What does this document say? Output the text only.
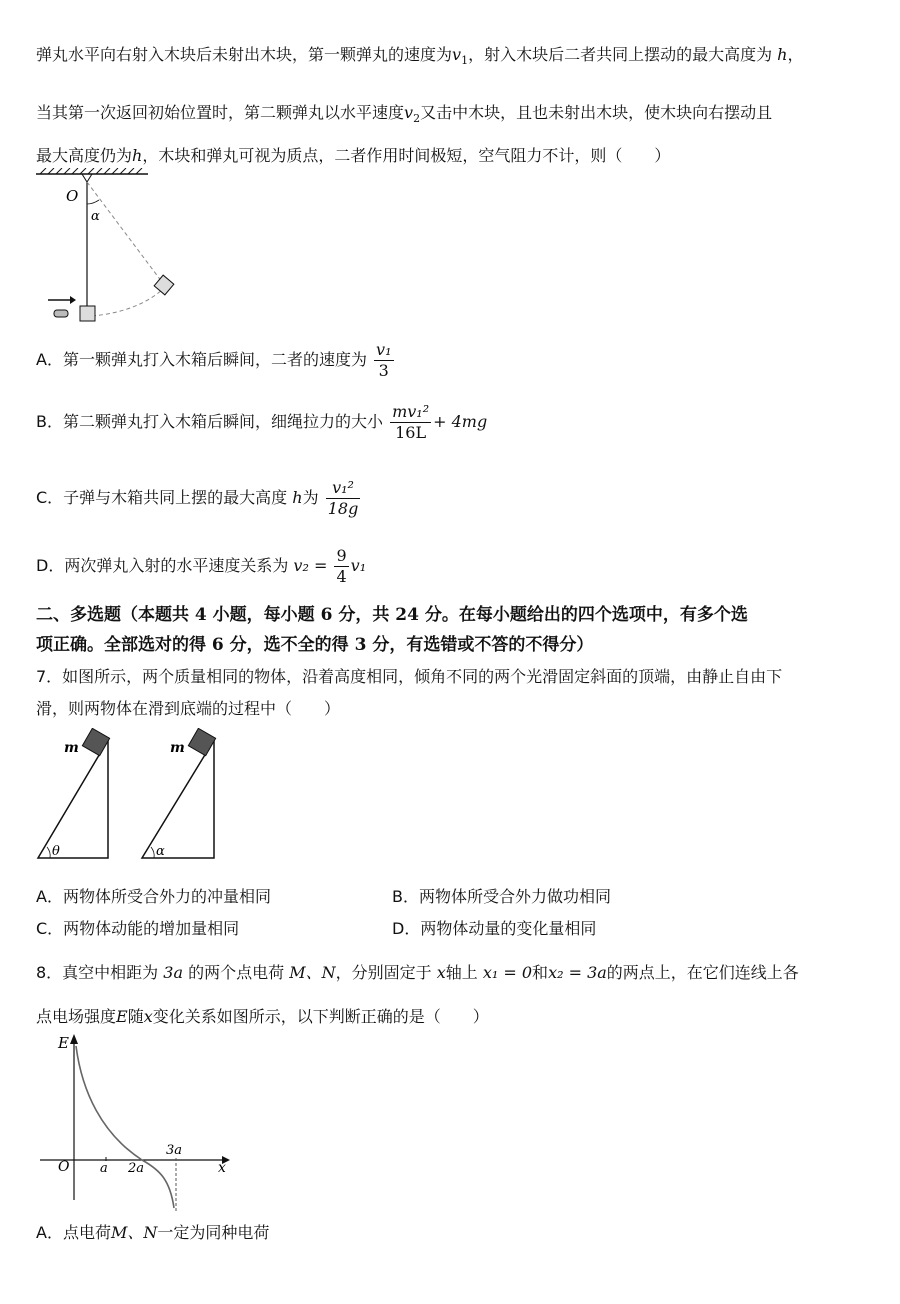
弹丸水平向右射入木块后未射出木块，第一颗弹丸的速度为$v_1$，射入木块后二者共同上摆动的最大高度为 h，
当其第一次返回初始位置时，第二颗弹丸以水平速度$v_2$又击中木块，且也未射出木块，使木块向右摆动且
最大高度仍为h，木块和弹丸可视为质点，二者作用时间极短，空气阻力不计，则（　　）
O
α
A．第一颗弹丸打入木箱后瞬间，二者的速度为 $\frac{\text{v₁}}{3}$
B．第二颗弹丸打入木箱后瞬间，细绳拉力的大小 $\frac{\text{mv₁²}}{16L} + 4mg$
C．子弹与木箱共同上摆的最大高度 h为 $\frac{\text{v₁²}}{18g}$
D．两次弹丸入射的水平速度关系为 $v_2 = \frac{9}{4} v_1$
二、多选题（本题共 4 小题，每小题 6 分，共 24 分。在每小题给出的四个选项中，有多个选
项正确。全部选对的得 6 分，选不全的得 3 分，有选错或不答的不得分）
7．如图所示，两个质量相同的物体，沿着高度相同，倾角不同的两个光滑固定斜面的顶端，由静止自由下
滑，则两物体在滑到底端的过程中（　　）
m
θ
m
α
A．两物体所受合外力的冲量相同	B．两物体所受合外力做功相同
C．两物体动能的增加量相同	D．两物体动量的变化量相同
8．真空中相距为 3a 的两个点电荷 M、N，分别固定于 x轴上 x₁ = 0和x₂ = 3a的两点上，在它们连线上各
点电场强度E随x变化关系如图所示，以下判断正确的是（　　）
E
O a 2a
3a
x
A．点电荷M、N一定为同种电荷
